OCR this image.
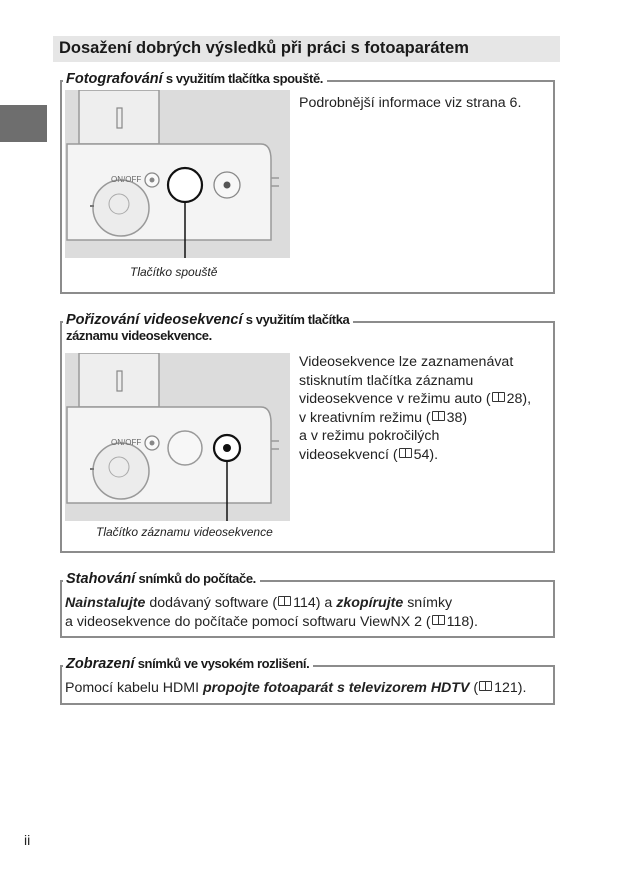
Dosažení dobrých výsledků při práci s fotoaparátem
ON/OFF
Tlačítko spouště
Podrobnější informace viz strana 6.
Fotografování s využitím tlačítka spouště.
ON/OFF
Tlačítko záznamu videosekvence
Videosekvence lze zaznamenávat
stisknutím tlačítka záznamu
videosekvence v režimu auto ( 28),
v kreativním režimu ( 38)
a v režimu pokročilých
videosekvencí ( 54).
Pořizování videosekvencí s využitím tlačítka
záznamu videosekvence.
Nainstalujte dodávaný software ( 114) a zkopírujte snímky
a videosekvence do počítače pomocí softwaru ViewNX 2 ( 118).
Stahování snímků do počítače.
Pomocí kabelu HDMI propojte fotoaparát s televizorem HDTV ( 121).
Zobrazení snímků ve vysokém rozlišení.
ii
